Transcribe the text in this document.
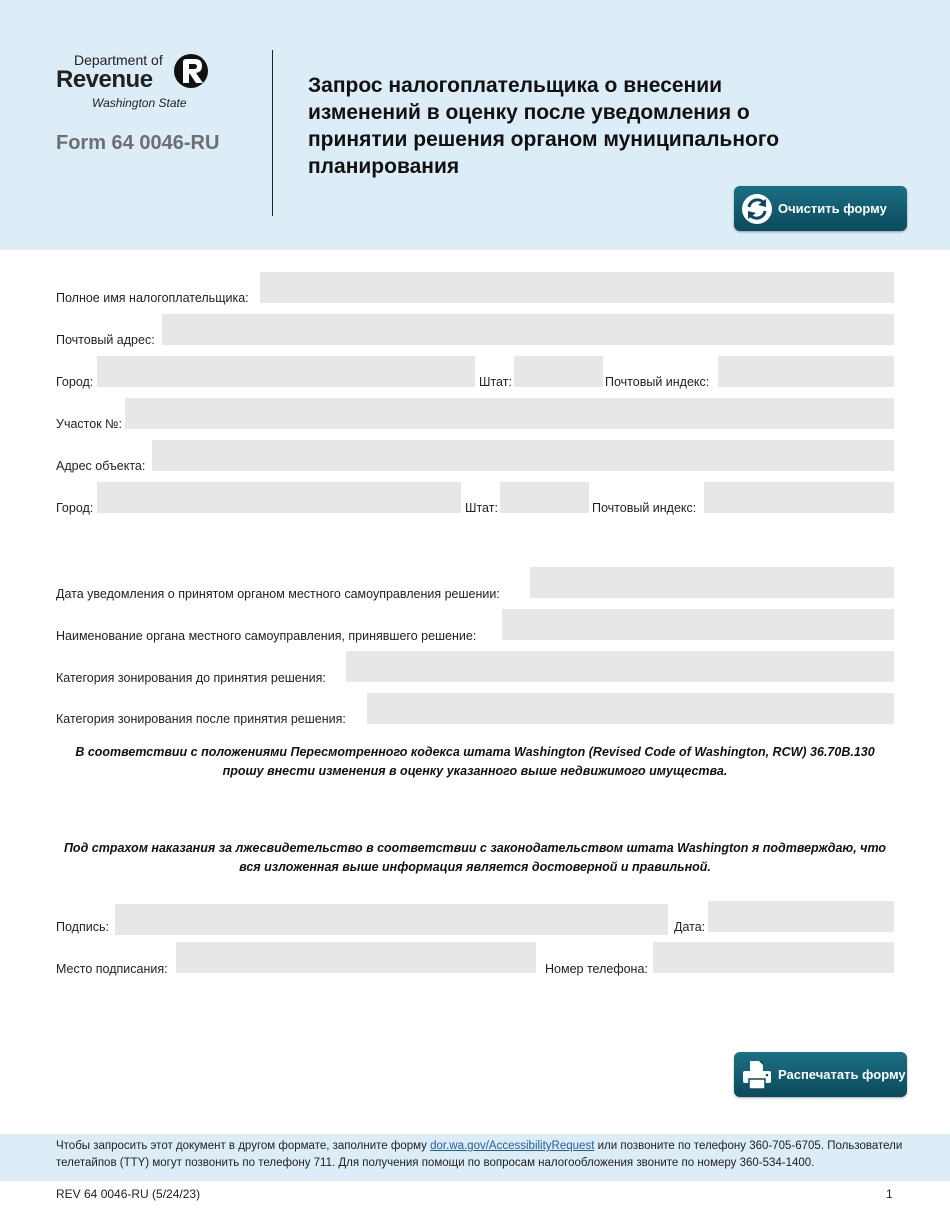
Department of
Revenue
Washington State
Form 64 0046-RU
Запрос налогоплательщика о внесении изменений в оценку после уведомления о принятии решения органом муниципального планирования
Очистить форму
Полное имя налогоплательщика:
Почтовый адрес:
Город:	Штат:	Почтовый индекс:
Участок №:
Адрес объекта:
Город:	Штат:	Почтовый индекс:
Дата уведомления о принятом органом местного самоуправления решении:
Наименование органа местного самоуправления, принявшего решение:
Категория зонирования до принятия решения:
Категория зонирования после принятия решения:
В соответствии с положениями Пересмотренного кодекса штата Washington (Revised Code of Washington, RCW) 36.70B.130
прошу внести изменения в оценку указанного выше недвижимого имущества.
Под страхом наказания за лжесвидетельство в соответствии с законодательством штата Washington я подтверждаю, что
вся изложенная выше информация является достоверной и правильной.
Подпись:	Дата:
Место подписания:	Номер телефона:
Распечатать форму
Чтобы запросить этот документ в другом формате, заполните форму dor.wa.gov/AccessibilityRequest или позвоните по телефону 360-705-6705. Пользователи телетайпов (TTY) могут позвонить по телефону 711. Для получения помощи по вопросам налогообложения звоните по номеру 360-534-1400.
REV 64 0046-RU (5/24/23)	1
